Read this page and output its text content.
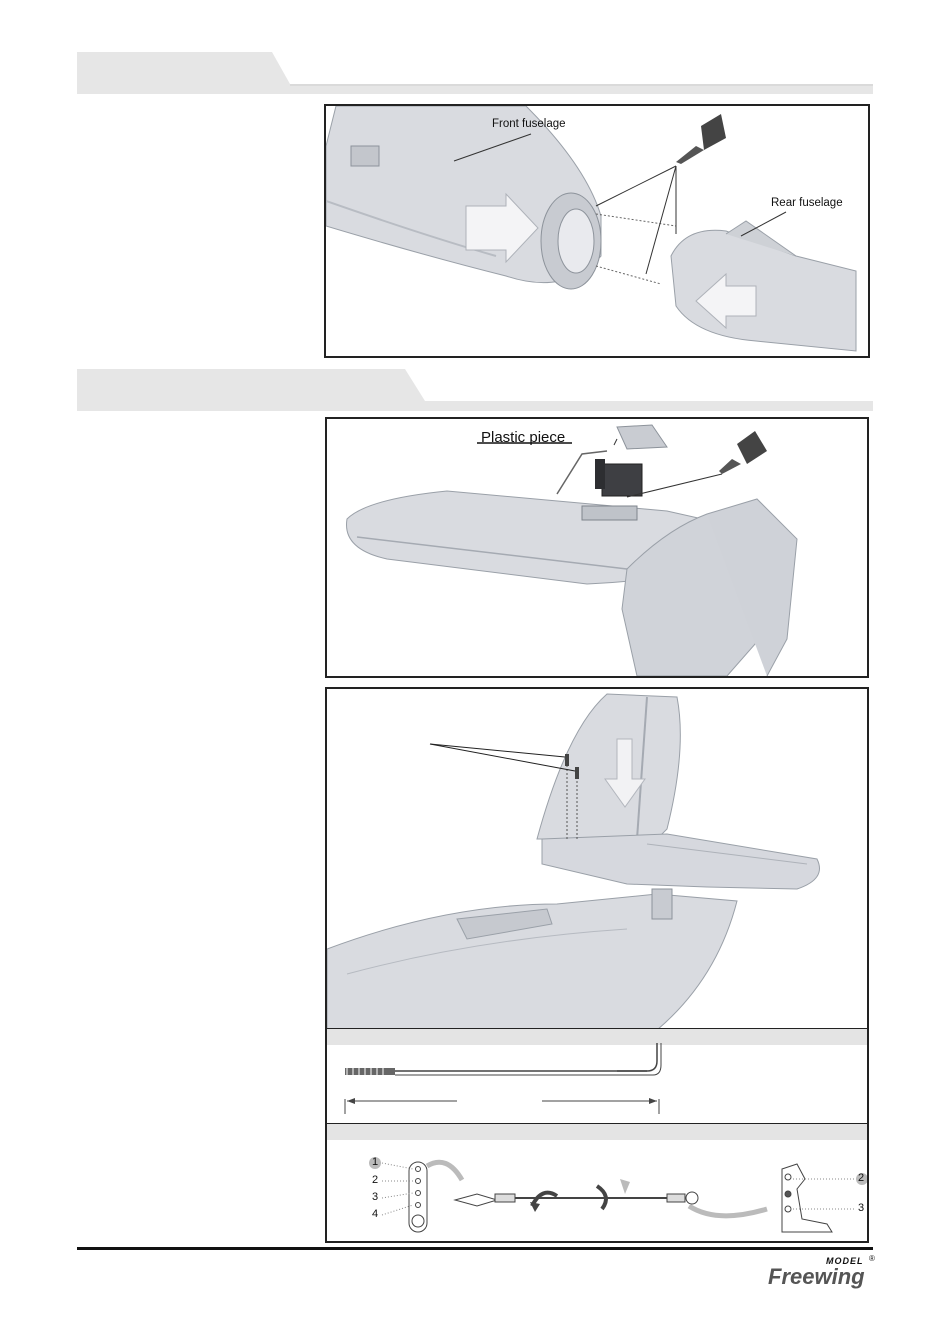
Front fuselage
Rear fuselage
Plastic piece
1
2
3
4
2
3
MODEL ®
Freewing
